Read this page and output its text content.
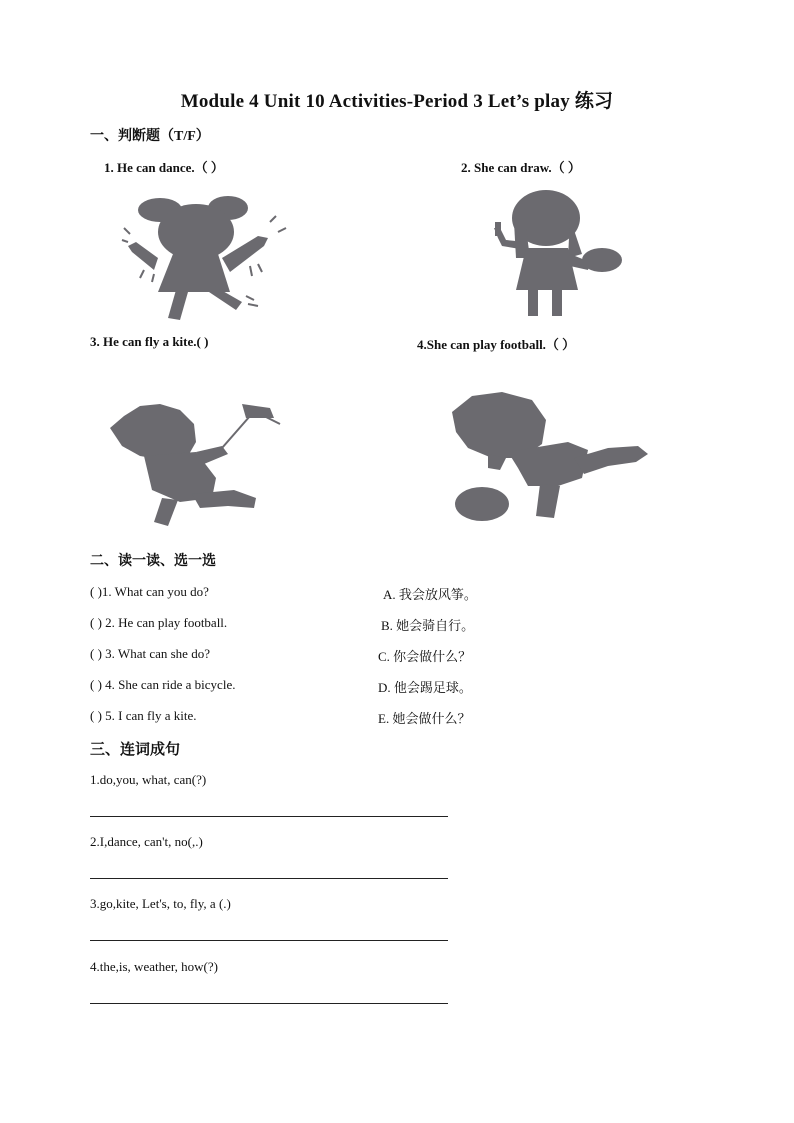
Module 4 Unit 10 Activities-Period 3 Let’s play 练习
一、判断题（T/F）
1. He can dance.（ ）	2. She can draw.（ ）
3. He can fly a kite.( )	4.She can play football.（ ）
二、读一读、选一选
( )1. What can you do?	A. 我会放风筝。
( ) 2. He can play football.	B. 她会骑自行。
( ) 3. What can she do?	C. 你会做什么？
( ) 4. She can ride a bicycle.	D. 他会踢足球。
( ) 5. I can fly a kite.	E. 她会做什么？
三、连词成句
1.do,you, what, can(?)
2.I,dance, can't, no(,.)
3.go,kite, Let's, to, fly, a (.)
4.the,is, weather, how(?)
